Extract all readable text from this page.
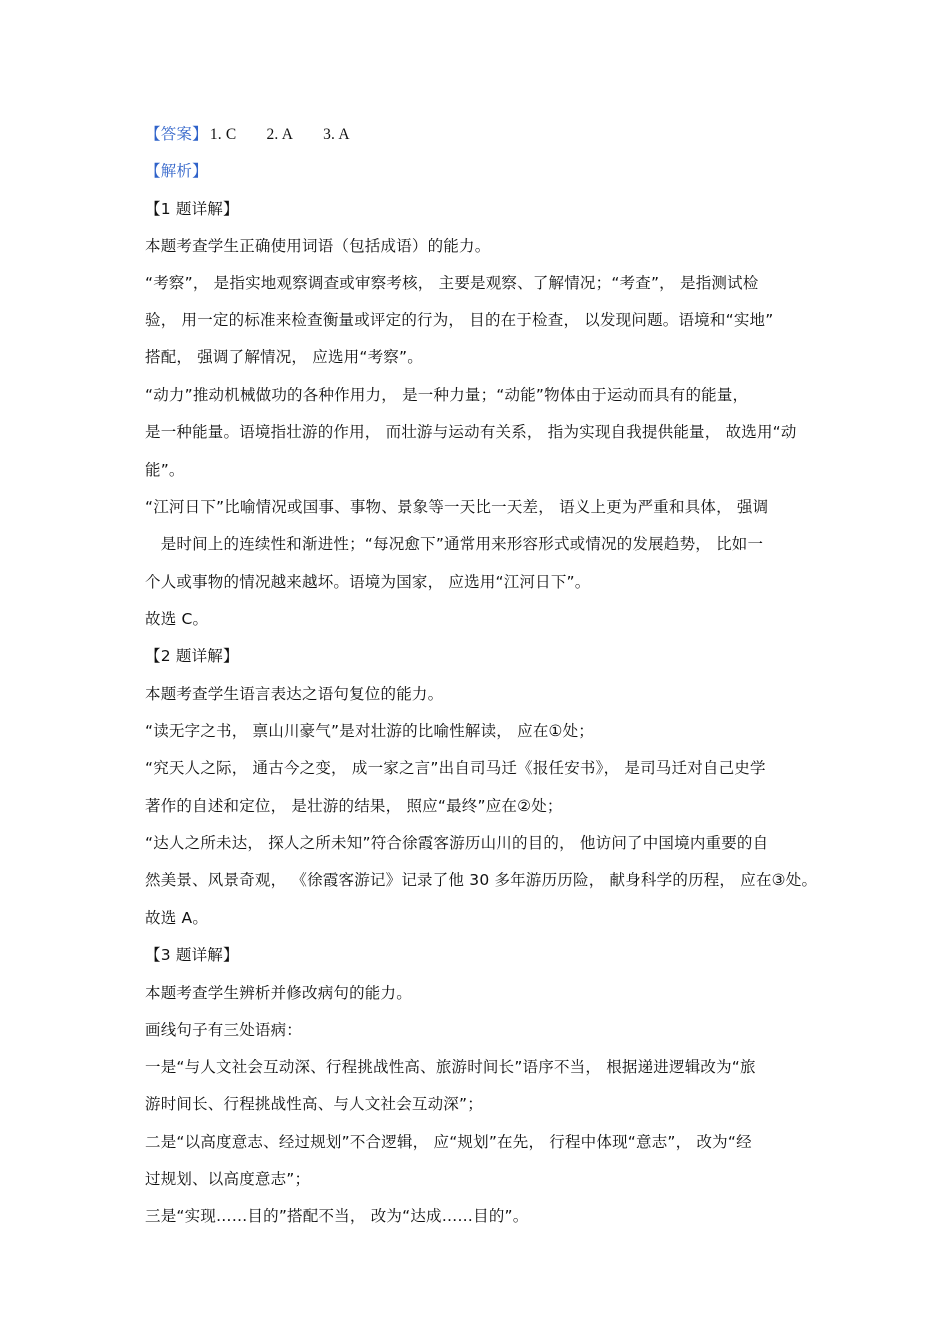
【答案】 1. C 2. A 3. A
【解析】
【1 题详解】
本题考查学生正确使用词语（包括成语）的能力。
“考察”， 是指实地观察调查或审察考核， 主要是观察、了解情况；“考查”， 是指测试检
验， 用一定的标准来检查衡量或评定的行为， 目的在于检查， 以发现问题。语境和“实地”
搭配， 强调了解情况， 应选用“考察”。
“动力”推动机械做功的各种作用力， 是一种力量；“动能”物体由于运动而具有的能量，
是一种能量。语境指壮游的作用， 而壮游与运动有关系， 指为实现自我提供能量， 故选用“动
能”。
“江河日下”比喻情况或国事、事物、景象等一天比一天差， 语义上更为严重和具体， 强调
　是时间上的连续性和渐进性；“每况愈下”通常用来形容形式或情况的发展趋势， 比如一
个人或事物的情况越来越坏。语境为国家， 应选用“江河日下”。
故选 C。
【2 题详解】
本题考查学生语言表达之语句复位的能力。
“读无字之书， 禀山川豪气”是对壮游的比喻性解读， 应在①处；
“究天人之际， 通古今之变， 成一家之言”出自司马迁《报任安书》， 是司马迁对自己史学
著作的自述和定位， 是壮游的结果， 照应“最终”应在②处；
“达人之所未达， 探人之所未知”符合徐霞客游历山川的目的， 他访问了中国境内重要的自
然美景、风景奇观， 《徐霞客游记》记录了他 30 多年游历历险， 献身科学的历程， 应在③处。
故选 A。
【3 题详解】
本题考查学生辨析并修改病句的能力。
画线句子有三处语病：
一是“与人文社会互动深、行程挑战性高、旅游时间长”语序不当， 根据递进逻辑改为“旅
游时间长、行程挑战性高、与人文社会互动深”；
二是“以高度意志、经过规划”不合逻辑， 应“规划”在先， 行程中体现“意志”， 改为“经
过规划、以高度意志”；
三是“实现……目的”搭配不当， 改为“达成……目的”。
